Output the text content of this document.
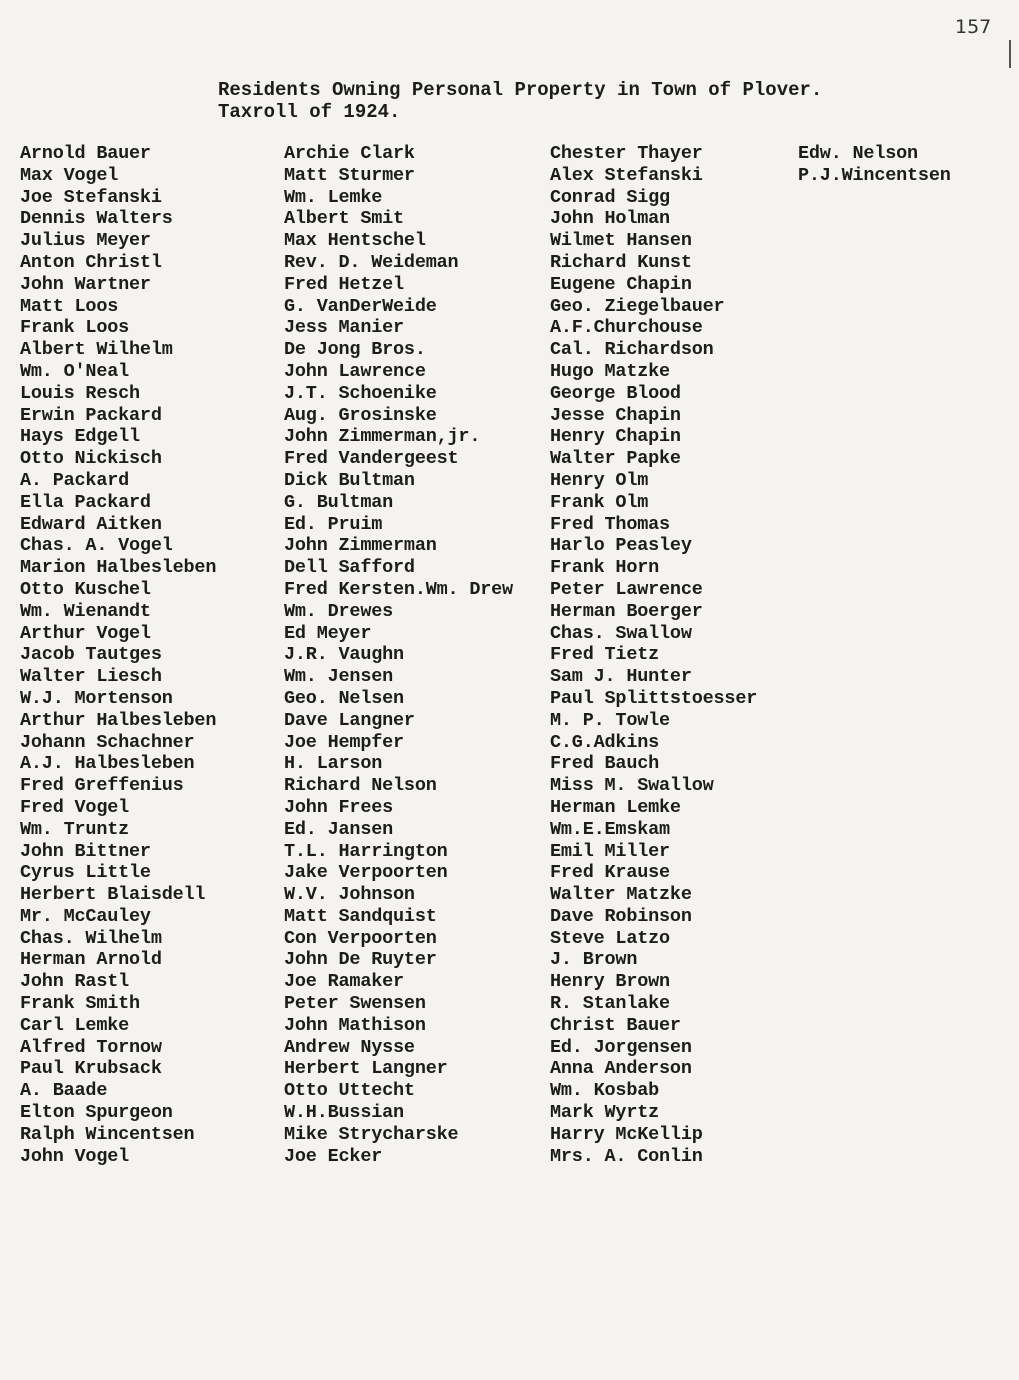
157
Residents Owning Personal Property in Town of Plover.
Taxroll of 1924.
Arnold Bauer
Max Vogel
Joe Stefanski
Dennis Walters
Julius Meyer
Anton Christl
John Wartner
Matt Loos
Frank Loos
Albert Wilhelm
Wm. O'Neal
Louis Resch
Erwin Packard
Hays Edgell
Otto Nickisch
A. Packard
Ella Packard
Edward Aitken
Chas. A. Vogel
Marion Halbesleben
Otto Kuschel
Wm. Wienandt
Arthur Vogel
Jacob Tautges
Walter Liesch
W.J. Mortenson
Arthur Halbesleben
Johann Schachner
A.J. Halbesleben
Fred Greffenius
Fred Vogel
Wm. Truntz
John Bittner
Cyrus Little
Herbert Blaisdell
Mr. McCauley
Chas. Wilhelm
Herman Arnold
John Rastl
Frank Smith
Carl Lemke
Alfred Tornow
Paul Krubsack
A. Baade
Elton Spurgeon
Ralph Wincentsen
John Vogel
Archie Clark
Matt Sturmer
Wm. Lemke
Albert Smit
Max Hentschel
Rev. D. Weideman
Fred Hetzel
G. VanDerWeide
Jess Manier
De Jong Bros.
John Lawrence
J.T. Schoenike
Aug. Grosinske
John Zimmerman,jr.
Fred Vandergeest
Dick Bultman
G. Bultman
Ed. Pruim
John Zimmerman
Dell Safford
Fred Kersten.Wm. Drew
Wm. Drewes
Ed Meyer
J.R. Vaughn
Wm. Jensen
Geo. Nelsen
Dave Langner
Joe Hempfer
H. Larson
Richard Nelson
John Frees
Ed. Jansen
T.L. Harrington
Jake Verpoorten
W.V. Johnson
Matt Sandquist
Con Verpoorten
John De Ruyter
Joe Ramaker
Peter Swensen
John Mathison
Andrew Nysse
Herbert Langner
Otto Uttecht
W.H.Bussian
Mike Strycharske
Joe Ecker
Chester Thayer
Alex Stefanski
Conrad Sigg
John Holman
Wilmet Hansen
Richard Kunst
Eugene Chapin
Geo. Ziegelbauer
A.F.Churchouse
Cal. Richardson
Hugo Matzke
George Blood
Jesse Chapin
Henry Chapin
Walter Papke
Henry Olm
Frank Olm
Fred Thomas
Harlo Peasley
Frank Horn
Peter Lawrence
Herman Boerger
Chas. Swallow
Fred Tietz
Sam J. Hunter
Paul Splittstoesser
M. P. Towle
C.G.Adkins
Fred Bauch
Miss M. Swallow
Herman Lemke
Wm.E.Emskam
Emil Miller
Fred Krause
Walter Matzke
Dave Robinson
Steve Latzo
J. Brown
Henry Brown
R. Stanlake
Christ Bauer
Ed. Jorgensen
Anna Anderson
Wm. Kosbab
Mark Wyrtz
Harry McKellip
Mrs. A. Conlin
Edw. Nelson
P.J.Wincentsen
